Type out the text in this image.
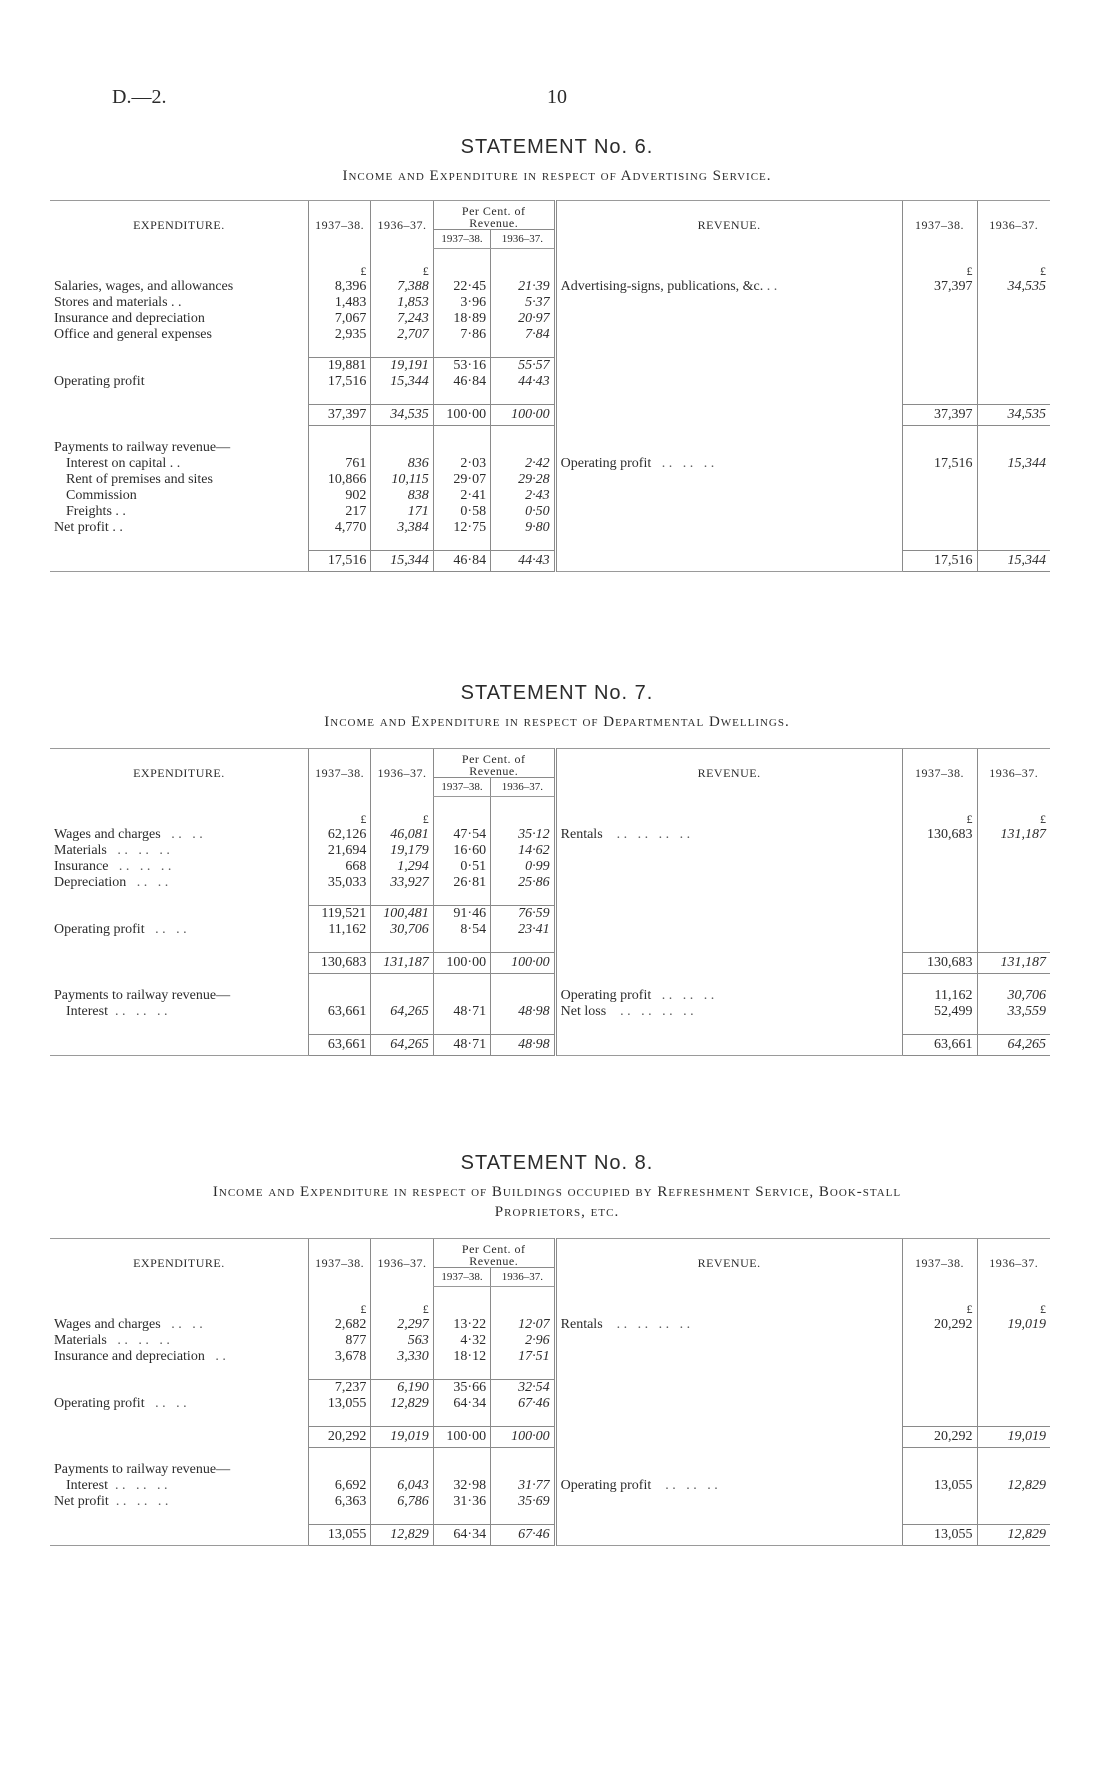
D.—2.	10
STATEMENT No. 6.
Income and Expenditure in respect of Advertising Service.
EXPENDITURE.	1937–38.	1936–37.	Per Cent. of
Revenue.		REVENUE.	1937–38.	1936–37.
			1937–38.	1936–37.			

	£	£				£	£
Salaries, wages, and allowances	8,396	7,388	22·45	21·39	Advertising-signs, publications, &c. . .	37,397	34,535
Stores and materials . .	1,483	1,853	3·96	5·37			
Insurance and depreciation	7,067	7,243	18·89	20·97			
Office and general expenses	2,935	2,707	7·86	7·84			

	19,881	19,191	53·16	55·57			
Operating profit	17,516	15,344	46·84	44·43			

	37,397	34,535	100·00	100·00		37,397	34,535

Payments to railway revenue—							
Interest on capital . .	761	836	2·03	2·42	Operating profit   . .   . .   . .	17,516	15,344
Rent of premises and sites	10,866	10,115	29·07	29·28			
Commission	902	838	2·41	2·43			
Freights . .	217	171	0·58	0·50			
Net profit . .	4,770	3,384	12·75	9·80			

	17,516	15,344	46·84	44·43		17,516	15,344
STATEMENT No. 7.
Income and Expenditure in respect of Departmental Dwellings.
EXPENDITURE.	1937–38.	1936–37.	Per Cent. of
Revenue.		REVENUE.	1937–38.	1936–37.
			1937–38.	1936–37.			

	£	£				£	£
Wages and charges   . .   . .	62,126	46,081	47·54	35·12	Rentals    . .   . .   . .   . .	130,683	131,187
Materials   . .   . .   . .	21,694	19,179	16·60	14·62			
Insurance   . .   . .   . .	668	1,294	0·51	0·99			
Depreciation   . .   . .	35,033	33,927	26·81	25·86			

	119,521	100,481	91·46	76·59			
Operating profit   . .   . .	11,162	30,706	8·54	23·41			

	130,683	131,187	100·00	100·00		130,683	131,187

Payments to railway revenue—					Operating profit   . .   . .   . .	11,162	30,706
Interest  . .   . .   . .	63,661	64,265	48·71	48·98	Net loss    . .   . .   . .   . .	52,499	33,559

	63,661	64,265	48·71	48·98		63,661	64,265
STATEMENT No. 8.
Income and Expenditure in respect of Buildings occupied by Refreshment Service, Book-stall
Proprietors, etc.
EXPENDITURE.	1937–38.	1936–37.	Per Cent. of
Revenue.		REVENUE.	1937–38.	1936–37.
			1937–38.	1936–37.			

	£	£				£	£
Wages and charges   . .   . .	2,682	2,297	13·22	12·07	Rentals    . .   . .   . .   . .	20,292	19,019
Materials   . .   . .   . .	877	563	4·32	2·96			
Insurance and depreciation   . .	3,678	3,330	18·12	17·51			

	7,237	6,190	35·66	32·54			
Operating profit   . .   . .	13,055	12,829	64·34	67·46			

	20,292	19,019	100·00	100·00		20,292	19,019

Payments to railway revenue—							
Interest  . .   . .   . .	6,692	6,043	32·98	31·77	Operating profit    . .   . .   . .	13,055	12,829
Net profit  . .   . .   . .	6,363	6,786	31·36	35·69			

	13,055	12,829	64·34	67·46		13,055	12,829
